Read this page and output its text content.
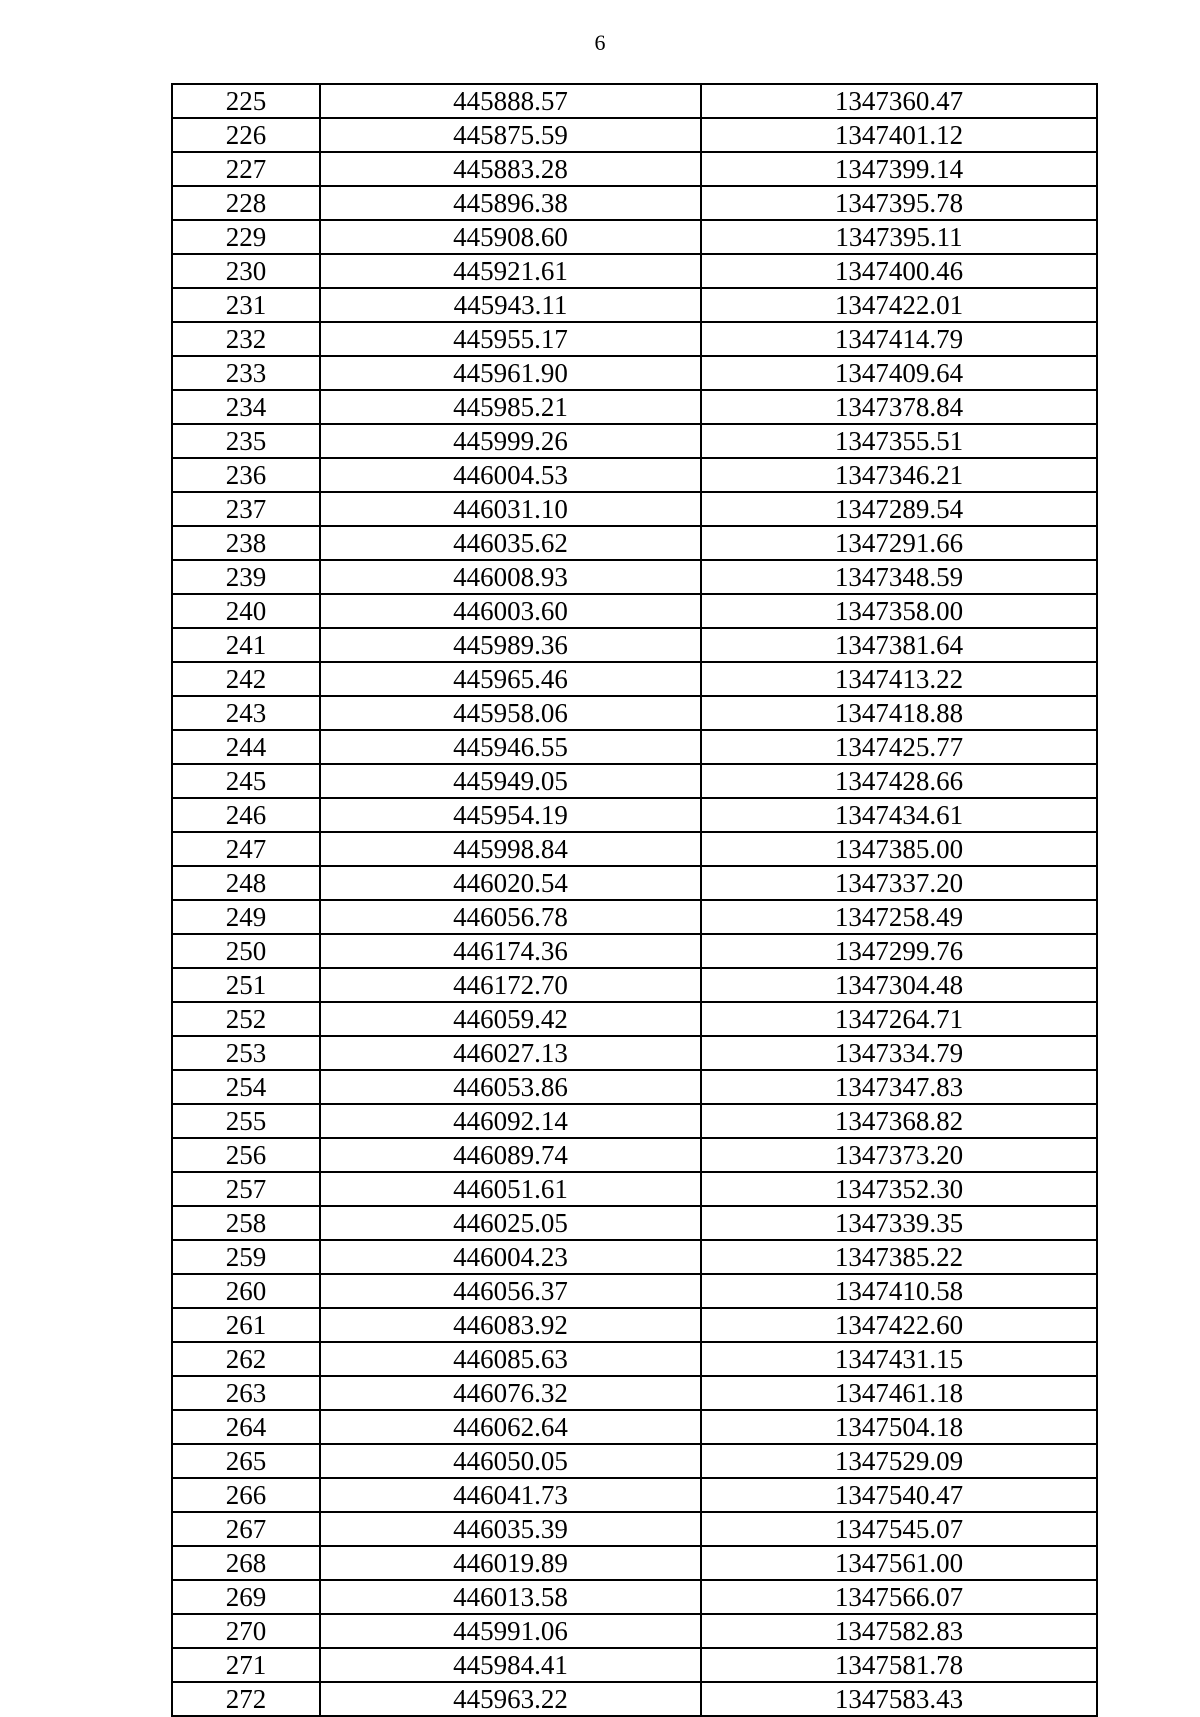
6
225	445888.57	1347360.47
226	445875.59	1347401.12
227	445883.28	1347399.14
228	445896.38	1347395.78
229	445908.60	1347395.11
230	445921.61	1347400.46
231	445943.11	1347422.01
232	445955.17	1347414.79
233	445961.90	1347409.64
234	445985.21	1347378.84
235	445999.26	1347355.51
236	446004.53	1347346.21
237	446031.10	1347289.54
238	446035.62	1347291.66
239	446008.93	1347348.59
240	446003.60	1347358.00
241	445989.36	1347381.64
242	445965.46	1347413.22
243	445958.06	1347418.88
244	445946.55	1347425.77
245	445949.05	1347428.66
246	445954.19	1347434.61
247	445998.84	1347385.00
248	446020.54	1347337.20
249	446056.78	1347258.49
250	446174.36	1347299.76
251	446172.70	1347304.48
252	446059.42	1347264.71
253	446027.13	1347334.79
254	446053.86	1347347.83
255	446092.14	1347368.82
256	446089.74	1347373.20
257	446051.61	1347352.30
258	446025.05	1347339.35
259	446004.23	1347385.22
260	446056.37	1347410.58
261	446083.92	1347422.60
262	446085.63	1347431.15
263	446076.32	1347461.18
264	446062.64	1347504.18
265	446050.05	1347529.09
266	446041.73	1347540.47
267	446035.39	1347545.07
268	446019.89	1347561.00
269	446013.58	1347566.07
270	445991.06	1347582.83
271	445984.41	1347581.78
272	445963.22	1347583.43
